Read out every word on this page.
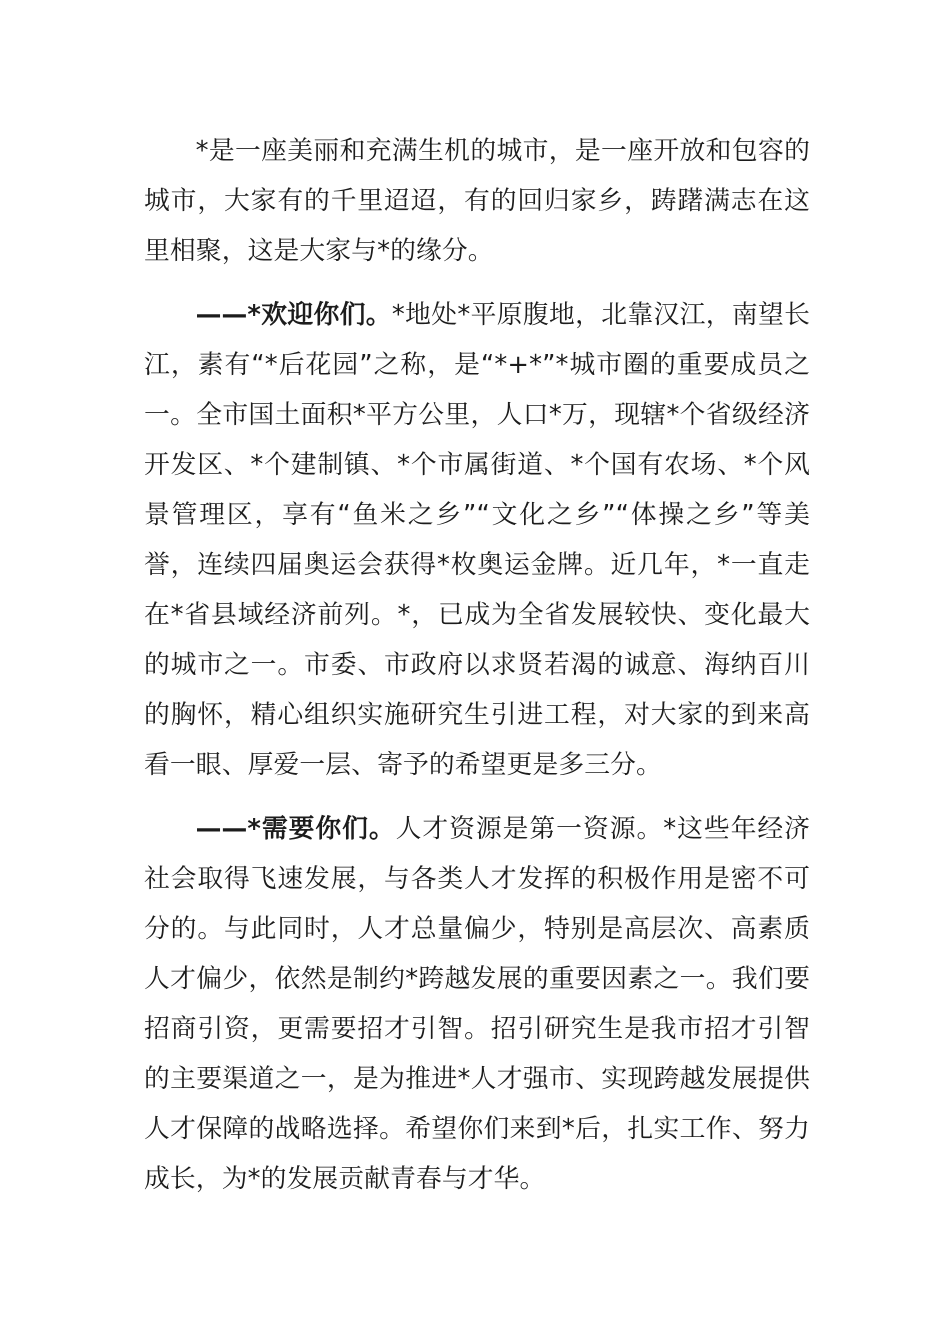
*是一座美丽和充满生机的城市，是一座开放和包容的城市，大家有的千里迢迢，有的回归家乡，踌躇满志在这里相聚，这是大家与*的缘分。

——*欢迎你们。*地处*平原腹地，北靠汉江，南望长江，素有“*后花园”之称，是“*+*”*城市圈的重要成员之一。全市国土面积*平方公里，人口*万，现辖*个省级经济开发区、*个建制镇、*个市属街道、*个国有农场、*个风景管理区，享有“鱼米之乡”“文化之乡”“体操之乡”等美誉，连续四届奥运会获得*枚奥运金牌。近几年，*一直走在*省县域经济前列。*，已成为全省发展较快、变化最大的城市之一。市委、市政府以求贤若渴的诚意、海纳百川的胸怀，精心组织实施研究生引进工程，对大家的到来高看一眼、厚爱一层、寄予的希望更是多三分。

——*需要你们。人才资源是第一资源。*这些年经济社会取得飞速发展，与各类人才发挥的积极作用是密不可分的。与此同时，人才总量偏少，特别是高层次、高素质人才偏少，依然是制约*跨越发展的重要因素之一。我们要招商引资，更需要招才引智。招引研究生是我市招才引智的主要渠道之一，是为推进*人才强市、实现跨越发展提供人才保障的战略选择。希望你们来到*后，扎实工作、努力成长，为*的发展贡献青春与才华。
